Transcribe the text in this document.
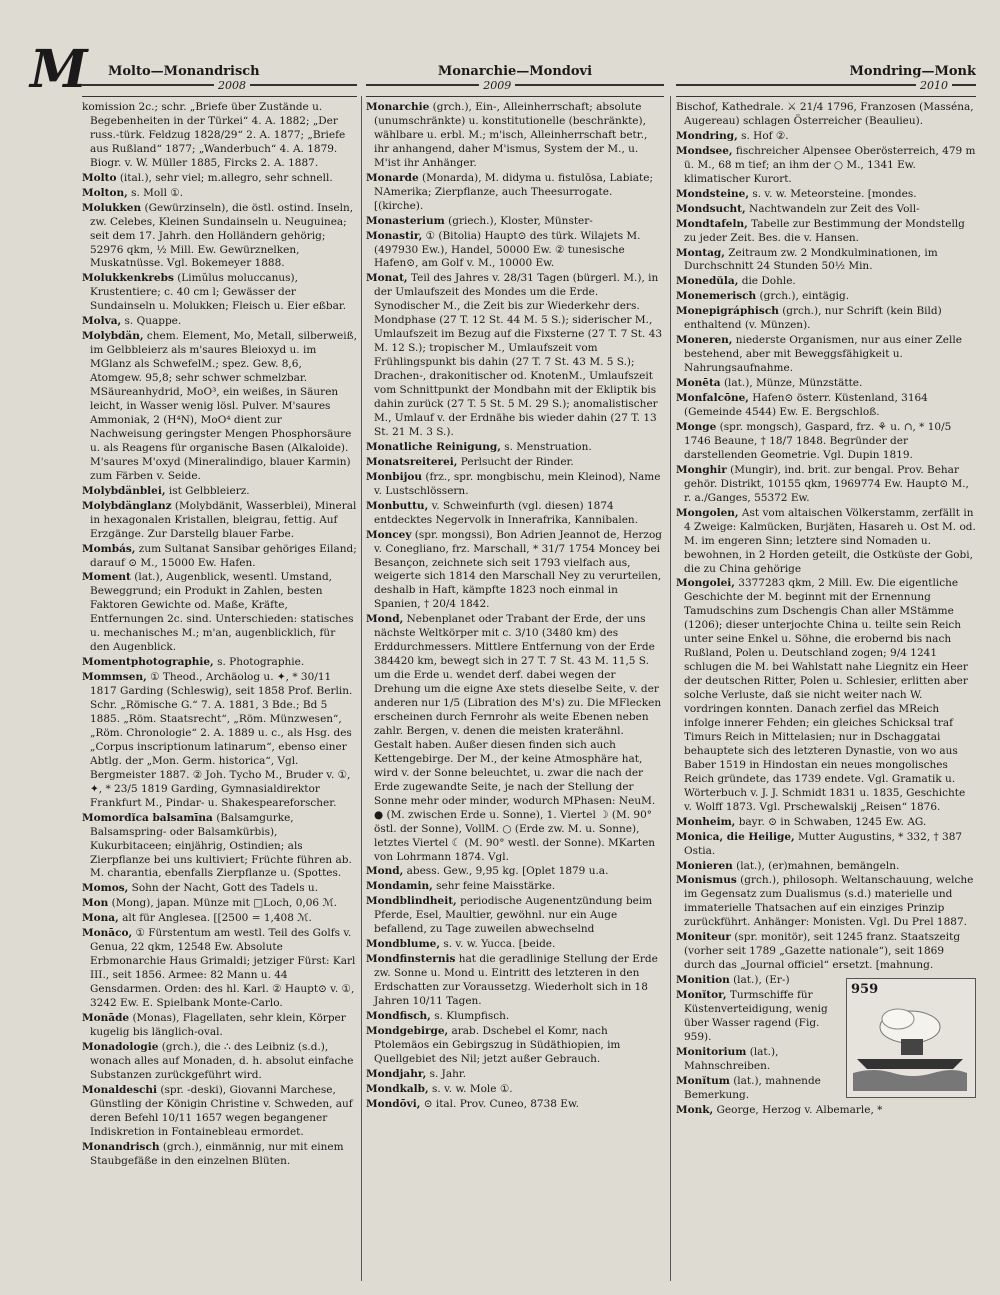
M	Molto—Monandrisch
2008
komission 2c.; schr. „Briefe über Zustände u. Begebenheiten in der Türkei“ 4. A. 1882; „Der russ.-türk. Feldzug 1828/29“ 2. A. 1877; „Briefe aus Rußland“ 1877; „Wanderbuch“ 4. A. 1879. Biogr. v. W. Müller 1885, Fircks 2. A. 1887.
Molto (ital.), sehr viel; m.allegro, sehr schnell.
Molton, s. Moll ①.
Molukken (Gewürzinseln), die östl. ostind. Inseln, zw. Celebes, Kleinen Sundainseln u. Neuguinea; seit dem 17. Jahrh. den Holländern gehörig; 52976 qkm, ½ Mill. Ew. Gewürznelken, Muskatnüsse. Vgl. Bokemeyer 1888.
Molukkenkrebs (Limŭlus moluccanus), Krustentiere; c. 40 cm l; Gewässer der Sundainseln u. Molukken; Fleisch u. Eier eßbar.
Molva, s. Quappe.
Molybdän, chem. Element, Mo, Metall, silberweiß, im Gelbbleierz als m'saures Bleioxyd u. im MGlanz als SchwefelM.; spez. Gew. 8,6, Atomgew. 95,8; sehr schwer schmelzbar. MSäureanhydrid, MoO³, ein weißes, in Säuren leicht, in Wasser wenig lösl. Pulver. M'saures Ammoniak, 2 (H⁴N), MoO⁴ dient zur Nachweisung geringster Mengen Phosphorsäure u. als Reagens für organische Basen (Alkaloide). M'saures M'oxyd (Mineralindigo, blauer Karmin) zum Färben v. Seide.
Molybdänblei, ist Gelbbleierz.
Molybdänglanz (Molybdänit, Wasserblei), Mineral in hexagonalen Kristallen, bleigrau, fettig. Auf Erzgänge. Zur Darstellg blauer Farbe.
Mombás, zum Sultanat Sansibar gehöriges Eiland; darauf ⊙ M., 15000 Ew. Hafen.
Moment (lat.), Augenblick, wesentl. Umstand, Beweggrund; ein Produkt in Zahlen, besten Faktoren Gewichte od. Maße, Kräfte, Entfernungen 2c. sind. Unterschieden: statisches u. mechanisches M.; m'an, augenblicklich, für den Augenblick.
Momentphotographie, s. Photographie.
Mommsen, ① Theod., Archäolog u. ✦, * 30/11 1817 Garding (Schleswig), seit 1858 Prof. Berlin. Schr. „Römische G.“ 7. A. 1881, 3 Bde.; Bd 5 1885. „Röm. Staatsrecht“, „Röm. Münzwesen“, „Röm. Chronologie“ 2. A. 1889 u. c., als Hsg. des „Corpus inscriptionum latinarum“, ebenso einer Abtlg. der „Mon. Germ. historica“, Vgl. Bergmeister 1887. ② Joh. Tycho M., Bruder v. ①, ✦, * 23/5 1819 Garding, Gymnasialdirektor Frankfurt M., Pindar- u. Shakespeareforscher.
Momordĭca balsamīna (Balsamgurke, Balsamspring- oder Balsamkürbis), Kukurbitaceen; einjährig, Ostindien; als Zierpflanze bei uns kultiviert; Früchte führen ab. M. charantia, ebenfalls Zierpflanze u. (Spottes.
Momos, Sohn der Nacht, Gott des Tadels u.
Mon (Mong), japan. Münze mit □Loch, 0,06 ℳ.
Mona, alt für Anglesea. [[2500 = 1,408 ℳ.
Monāco, ① Fürstentum am westl. Teil des Golfs v. Genua, 22 qkm, 12548 Ew. Absolute Erbmonarchie Haus Grimaldi; jetziger Fürst: Karl III., seit 1856. Armee: 82 Mann u. 44 Gensdarmen. Orden: des hl. Karl. ② Haupt⊙ v. ①, 3242 Ew. E. Spielbank Monte-Carlo.
Monāde (Monas), Flagellaten, sehr klein, Körper kugelig bis länglich-oval.
Monadologie (grch.), die ∴ des Leibniz (s.d.), wonach alles auf Monaden, d. h. absolut einfache Substanzen zurückgeführt wird.
Monaldeschi (spr. -deski), Giovanni Marchese, Günstling der Königin Christine v. Schweden, auf deren Befehl 10/11 1657 wegen begangener Indiskretion in Fontainebleau ermordet.
Monandrisch (grch.), einmännig, nur mit einem Staubgefäße in den einzelnen Blüten.
Monarchie—Mondovi
2009
Monarchie (grch.), Ein-, Alleinherrschaft; absolute (unumschränkte) u. konstitutionelle (beschränkte), wählbare u. erbl. M.; m'isch, Alleinherrschaft betr., ihr anhangend, daher M'ismus, System der M., u. M'ist ihr Anhänger.
Monarde (Monarda), M. didyma u. fistulōsa, Labiate; NAmerika; Zierpflanze, auch Theesurrogate. [(kirche).
Monasterium (griech.), Kloster, Münster-
Monastir, ① (Bitolia) Haupt⊙ des türk. Wilajets M. (497930 Ew.), Handel, 50000 Ew. ② tunesische Hafen⊙, am Golf v. M., 10000 Ew.
Monat, Teil des Jahres v. 28/31 Tagen (bürgerl. M.), in der Umlaufszeit des Mondes um die Erde. Synodischer M., die Zeit bis zur Wiederkehr ders. Mondphase (27 T. 12 St. 44 M. 5 S.); siderischer M., Umlaufszeit im Bezug auf die Fixsterne (27 T. 7 St. 43 M. 12 S.); tropischer M., Umlaufszeit vom Frühlingspunkt bis dahin (27 T. 7 St. 43 M. 5 S.); Drachen-, drakonitischer od. KnotenM., Umlaufszeit vom Schnittpunkt der Mondbahn mit der Ekliptik bis dahin zurück (27 T. 5 St. 5 M. 29 S.); anomalistischer M., Umlauf v. der Erdnähe bis wieder dahin (27 T. 13 St. 21 M. 3 S.).
Monatliche Reinigung, s. Menstruation.
Monatsreiterei, Perlsucht der Rinder.
Monbijou (frz., spr. mongbischu, mein Kleinod), Name v. Lustschlössern.
Monbuttu, v. Schweinfurth (vgl. diesen) 1874 entdecktes Negervolk in Innerafrika, Kannibalen.
Moncey (spr. mongssi), Bon Adrien Jeannot de, Herzog v. Conegliano, frz. Marschall, * 31/7 1754 Moncey bei Besançon, zeichnete sich seit 1793 vielfach aus, weigerte sich 1814 den Marschall Ney zu verurteilen, deshalb in Haft, kämpfte 1823 noch einmal in Spanien, † 20/4 1842.
Mond, Nebenplanet oder Trabant der Erde, der uns nächste Weltkörper mit c. 3/10 (3480 km) des Erddurchmessers. Mittlere Entfernung von der Erde 384420 km, bewegt sich in 27 T. 7 St. 43 M. 11,5 S. um die Erde u. wendet derf. dabei wegen der Drehung um die eigne Axe stets dieselbe Seite, v. der anderen nur 1/5 (Libration des M's) zu. Die MFlecken erscheinen durch Fernrohr als weite Ebenen neben zahlr. Bergen, v. denen die meisten kraterähnl. Gestalt haben. Außer diesen finden sich auch Kettengebirge. Der M., der keine Atmosphäre hat, wird v. der Sonne beleuchtet, u. zwar die nach der Erde zugewandte Seite, je nach der Stellung der Sonne mehr oder minder, wodurch MPhasen: NeuM. ● (M. zwischen Erde u. Sonne), 1. Viertel ☽ (M. 90° östl. der Sonne), VollM. ○ (Erde zw. M. u. Sonne), letztes Viertel ☾ (M. 90° westl. der Sonne). MKarten von Lohrmann 1874. Vgl.
Mond, abess. Gew., 9,95 kg. [Oplet 1879 u.a.
Mondamin, sehr feine Maisstärke.
Mondblindheit, periodische Augenentzündung beim Pferde, Esel, Maultier, gewöhnl. nur ein Auge befallend, zu Tage zuweilen abwechselnd
Mondblume, s. v. w. Yucca. [beide.
Mondfinsternis hat die geradlinige Stellung der Erde zw. Sonne u. Mond u. Eintritt des letzteren in den Erdschatten zur Voraussetzg. Wiederholt sich in 18 Jahren 10/11 Tagen.
Mondfisch, s. Klumpfisch.
Mondgebirge, arab. Dschebel el Komr, nach Ptolemäos ein Gebirgszug in Südäthiopien, im Quellgebiet des Nil; jetzt außer Gebrauch.
Mondjahr, s. Jahr.
Mondkalb, s. v. w. Mole ①.
Mondōvi, ⊙ ital. Prov. Cuneo, 8738 Ew.
Mondring—Monk
2010
Bischof, Kathedrale. ⚔ 21/4 1796, Franzosen (Masséna, Augereau) schlagen Österreicher (Beaulieu).
Mondring, s. Hof ②.
Mondsee, fischreicher Alpensee Oberösterreich, 479 m ü. M., 68 m tief; an ihm der ○ M., 1341 Ew. klimatischer Kurort.
Mondsteine, s. v. w. Meteorsteine. [mondes.
Mondsucht, Nachtwandeln zur Zeit des Voll-
Mondtafeln, Tabelle zur Bestimmung der Mondstellg zu jeder Zeit. Bes. die v. Hansen.
Montag, Zeitraum zw. 2 Mondkulminationen, im Durchschnitt 24 Stunden 50½ Min.
Monedŭla, die Dohle.
Monemerisch (grch.), eintägig.
Monepigráphisch (grch.), nur Schrift (kein Bild) enthaltend (v. Münzen).
Moneren, niederste Organismen, nur aus einer Zelle bestehend, aber mit Beweggsfähigkeit u. Nahrungsaufnahme.
Monēta (lat.), Münze, Münzstätte.
Monfalcōne, Hafen⊙ österr. Küstenland, 3164 (Gemeinde 4544) Ew. E. Bergschloß.
Monge (spr. mongsch), Gaspard, frz. ⚘ u. ∩, * 10/5 1746 Beaune, † 18/7 1848. Begründer der darstellenden Geometrie. Vgl. Dupin 1819.
Monghir (Mungir), ind. brit. zur bengal. Prov. Behar gehör. Distrikt, 10155 qkm, 1969774 Ew. Haupt⊙ M., r. a./Ganges, 55372 Ew.
Mongolen, Ast vom altaischen Völkerstamm, zerfällt in 4 Zweige: Kalmücken, Burjäten, Hasareh u. Ost M. od. M. im engeren Sinn; letztere sind Nomaden u. bewohnen, in 2 Horden geteilt, die Ostküste der Gobi, die zu China gehörige
Mongolei, 3377283 qkm, 2 Mill. Ew. Die eigentliche Geschichte der M. beginnt mit der Ernennung Tamudschins zum Dschengis Chan aller MStämme (1206); dieser unterjochte China u. teilte sein Reich unter seine Enkel u. Söhne, die erobernd bis nach Rußland, Polen u. Deutschland zogen; 9/4 1241 schlugen die M. bei Wahlstatt nahe Liegnitz ein Heer der deutschen Ritter, Polen u. Schlesier, erlitten aber solche Verluste, daß sie nicht weiter nach W. vordringen konnten. Danach zerfiel das MReich infolge innerer Fehden; ein gleiches Schicksal traf Timurs Reich in Mittelasien; nur in Dschaggatai behauptete sich des letzteren Dynastie, von wo aus Baber 1519 in Hindostan ein neues mongolisches Reich gründete, das 1739 endete. Vgl. Gramatik u. Wörterbuch v. J. J. Schmidt 1831 u. 1835, Geschichte v. Wolff 1873. Vgl. Prschewalskij „Reisen“ 1876.
Monheim, bayr. ⊙ in Schwaben, 1245 Ew. AG.
Monica, die Heilige, Mutter Augustins, * 332, † 387 Ostia.
Monieren (lat.), (er)mahnen, bemängeln.
Monismus (grch.), philosoph. Weltanschauung, welche im Gegensatz zum Dualismus (s.d.) materielle und immaterielle Thatsachen auf ein einziges Prinzip zurückführt. Anhänger: Monisten. Vgl. Du Prel 1887.
Moniteur (spr. monitör), seit 1245 franz. Staatszeitg (vorher seit 1789 „Gazette nationale“), seit 1869 durch das „Journal officiel“ ersetzt. [mahnung.
959
Monition (lat.), (Er-)
Monĭtor, Turmschiffe für Küstenverteidigung, wenig über Wasser ragend (Fig. 959).
Monitorium (lat.), Mahnschreiben.
Monĭtum (lat.), mahnende Bemerkung.
Monk, George, Herzog v. Albemarle, *
